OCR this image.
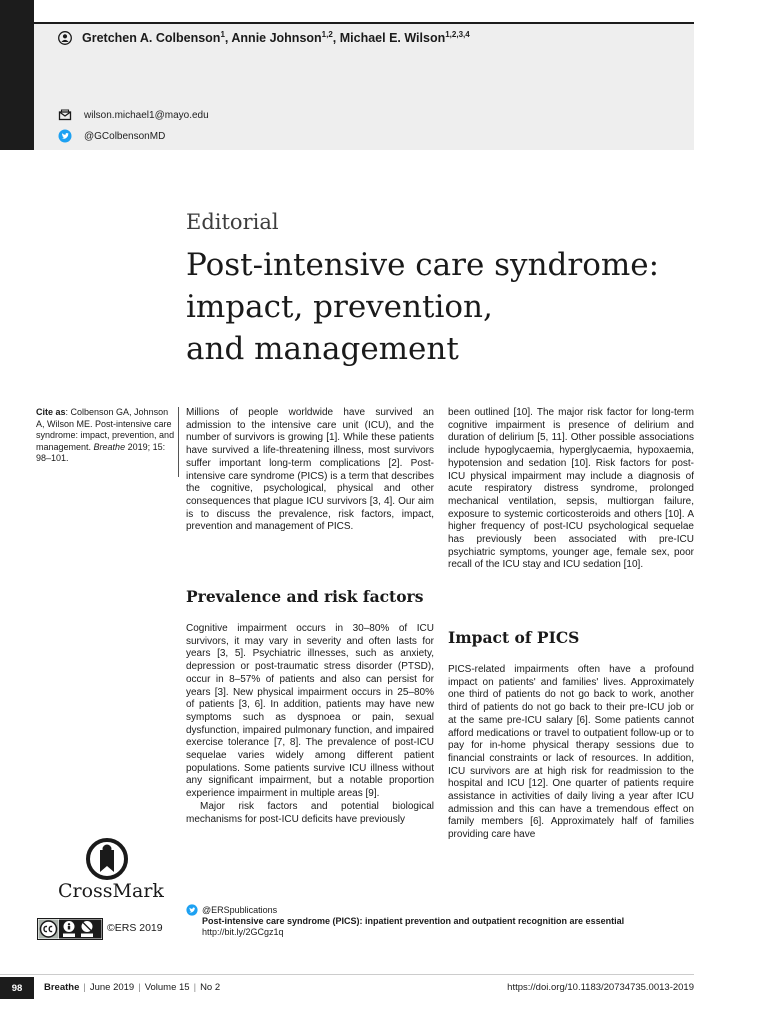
Gretchen A. Colbenson$^1$, Annie Johnson$^{1,2}$, Michael E. Wilson$^{1,2,3,4}$
wilson.michael1@mayo.edu
@GColbensonMD
Editorial
Post-intensive care syndrome:
impact, prevention,
and management
Cite as: Colbenson GA, Johnson A, Wilson ME. Post-intensive care syndrome: impact, prevention, and management. Breathe 2019; 15: 98–101.

Millions of people worldwide have survived an admission to the intensive care unit (ICU), and the number of survivors is growing [1]. While these patients have survived a life-threatening illness, most survivors suffer important long-term complications [2]. Post-intensive care syndrome (PICS) is a term that describes the cognitive, psychological, physical and other consequences that plague ICU survivors [3, 4]. Our aim is to discuss the prevalence, risk factors, impact, prevention and management of PICS.

Prevalence and risk factors

Cognitive impairment occurs in 30–80% of ICU survivors, it may vary in severity and often lasts for years [3, 5]. Psychiatric illnesses, such as anxiety, depression or post-traumatic stress disorder (PTSD), occur in 8–57% of patients and also can persist for years [3]. New physical impairment occurs in 25–80% of patients [3, 6]. In addition, patients may have new symptoms such as dyspnoea or pain, sexual dysfunction, impaired pulmonary function, and impaired exercise tolerance [7, 8]. The prevalence of post-ICU sequelae varies widely among different patient populations. Some patients survive ICU illness without any significant impairment, but a notable proportion experience impairment in multiple areas [9].

Major risk factors and potential biological mechanisms for post-ICU deficits have previously

been outlined [10]. The major risk factor for long-term cognitive impairment is presence of delirium and duration of delirium [5, 11]. Other possible associations include hypoglycaemia, hyperglycaemia, hypoxaemia, hypotension and sedation [10]. Risk factors for post-ICU physical impairment may include a diagnosis of acute respiratory distress syndrome, prolonged mechanical ventilation, sepsis, multiorgan failure, exposure to systemic corticosteroids and others [10]. A higher frequency of post-ICU psychological sequelae has previously been associated with pre-ICU psychiatric symptoms, younger age, female sex, poor recall of the ICU stay and ICU sedation [10].

Impact of PICS

PICS-related impairments often have a profound impact on patients' and families' lives. Approximately one third of patients do not go back to work, another third of patients do not go back to their pre-ICU job or at the same pre-ICU salary [6]. Some patients cannot afford medications or travel to outpatient follow-up or to pay for in-home physical therapy sessions due to financial constraints or lack of resources. In addition, ICU survivors are at high risk for readmission to the hospital and ICU [12]. One quarter of patients require assistance in activities of daily living a year after ICU admission and this can have a tremendous effect on family members [6]. Approximately half of families providing care have

CrossMark
©ERS 2019
@ERSpublications
Post-intensive care syndrome (PICS): inpatient prevention and outpatient recognition are essential
http://bit.ly/2GCgz1q
98	Breathe | June 2019 | Volume 15 | No 2	https://doi.org/10.1183/20734735.0013-2019
